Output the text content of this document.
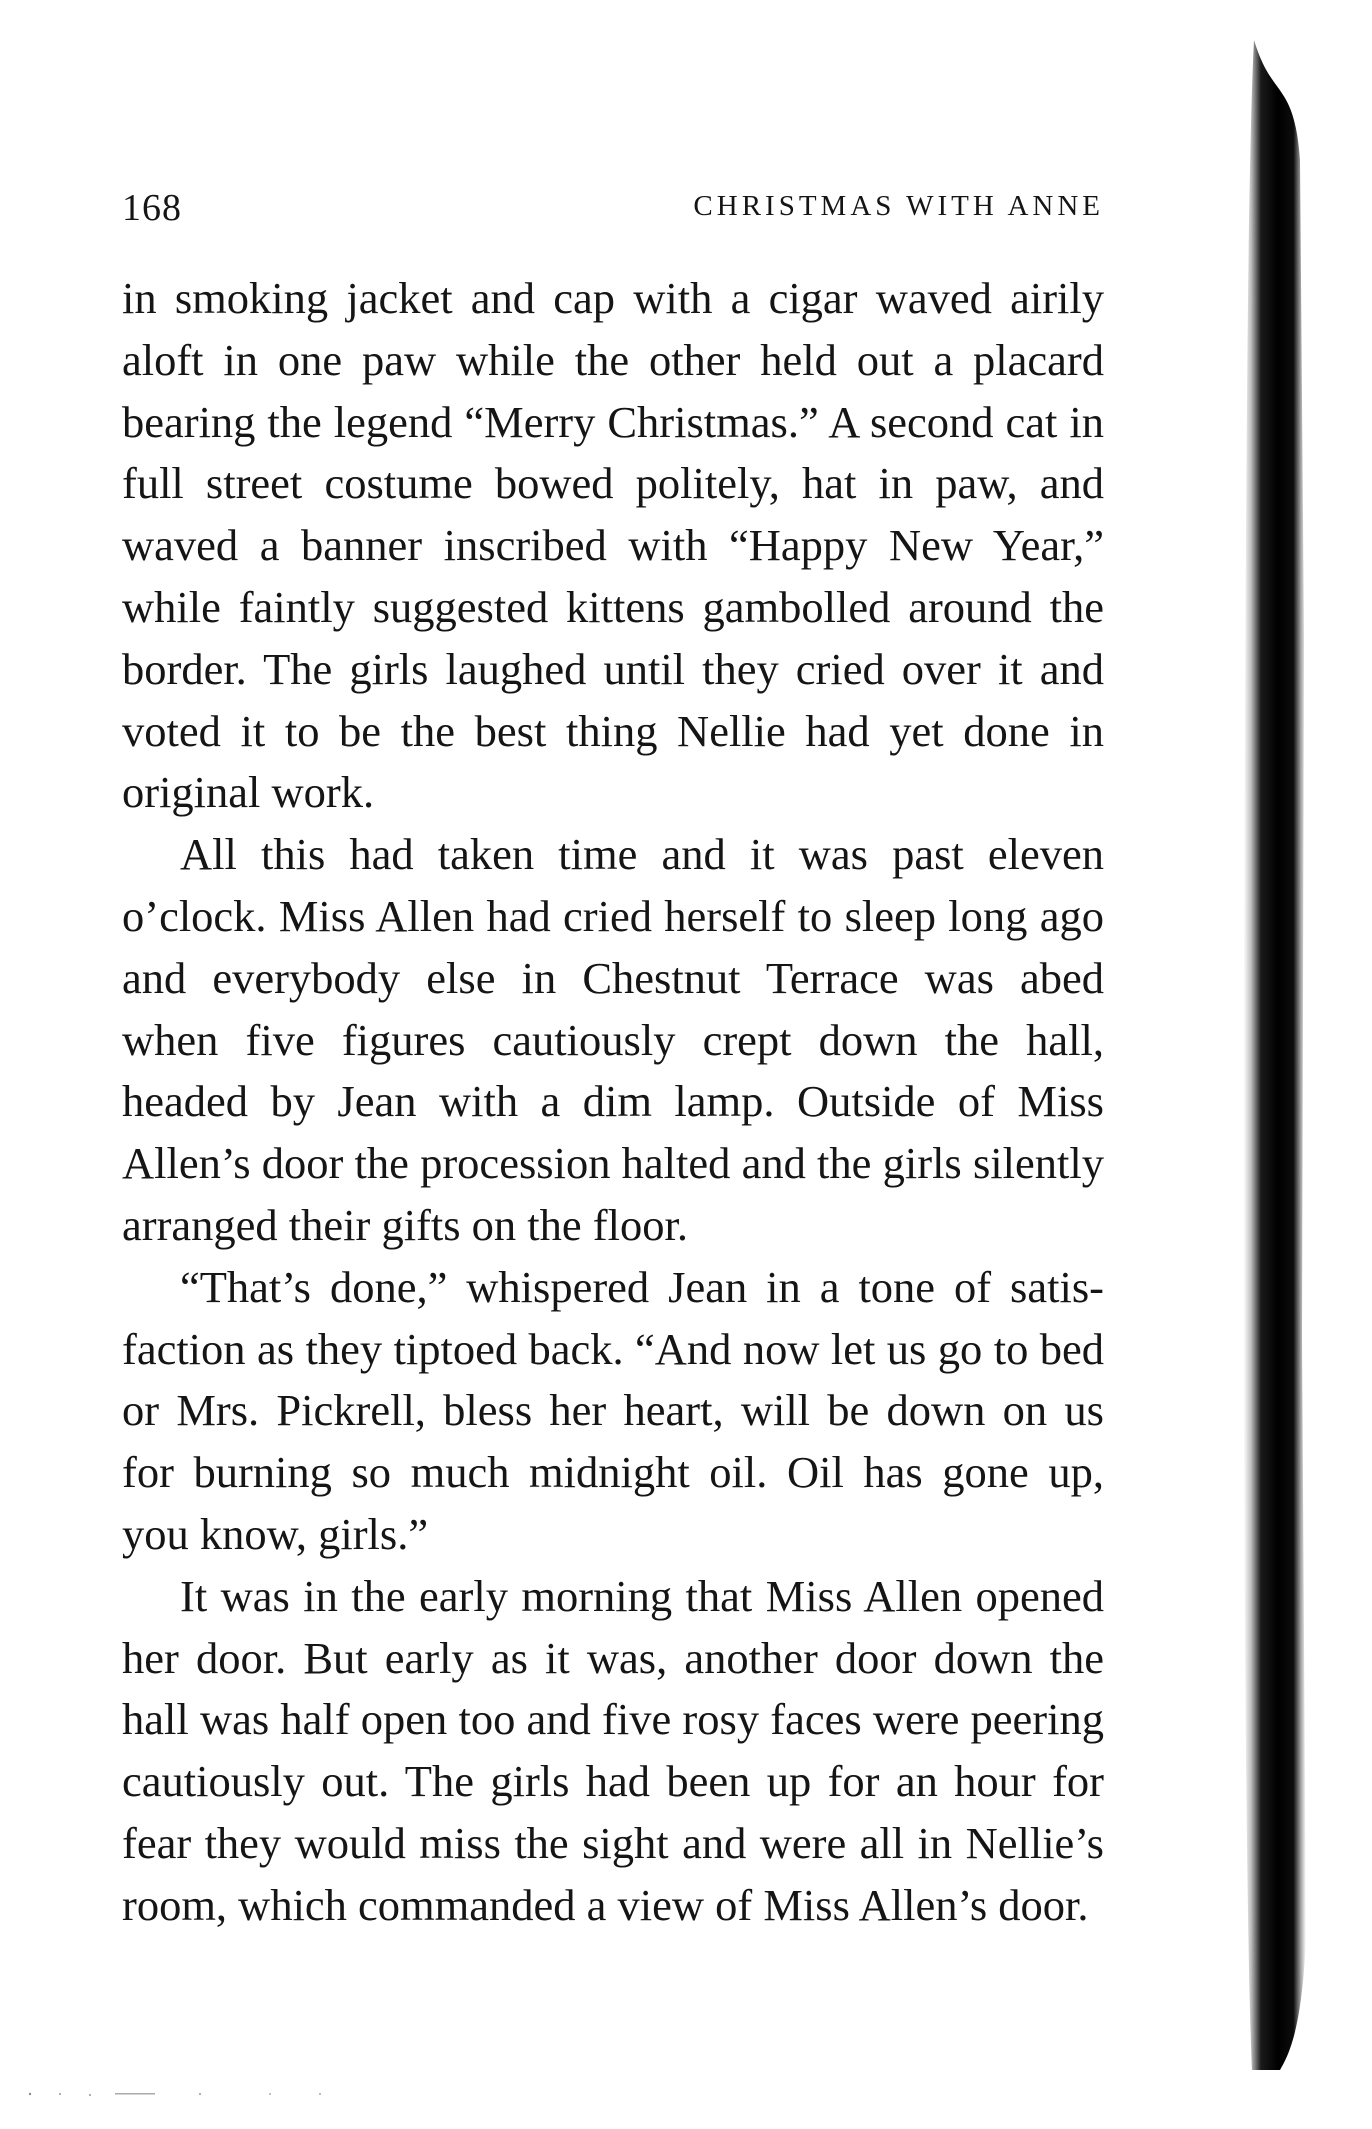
168	CHRISTMAS WITH ANNE

in smoking jacket and cap with a cigar waved airily aloft in one paw while the other held out a placard bearing the legend “Merry Christmas.” A second cat in full street costume bowed politely, hat in paw, and waved a banner inscribed with “Happy New Year,” while faintly suggested kittens gambolled around the border. The girls laughed until they cried over it and voted it to be the best thing Nellie had yet done in original work.

All this had taken time and it was past eleven o’clock. Miss Allen had cried herself to sleep long ago and everybody else in Chestnut Terrace was abed when five figures cautiously crept down the hall, headed by Jean with a dim lamp. Outside of Miss Allen’s door the procession halted and the girls silently arranged their gifts on the floor.

“That’s done,” whispered Jean in a tone of satisfaction as they tiptoed back. “And now let us go to bed or Mrs. Pickrell, bless her heart, will be down on us for burning so much midnight oil. Oil has gone up, you know, girls.”

It was in the early morning that Miss Allen opened her door. But early as it was, another door down the hall was half open too and five rosy faces were peering cautiously out. The girls had been up for an hour for fear they would miss the sight and were all in Nellie’s room, which commanded a view of Miss Allen’s door.
